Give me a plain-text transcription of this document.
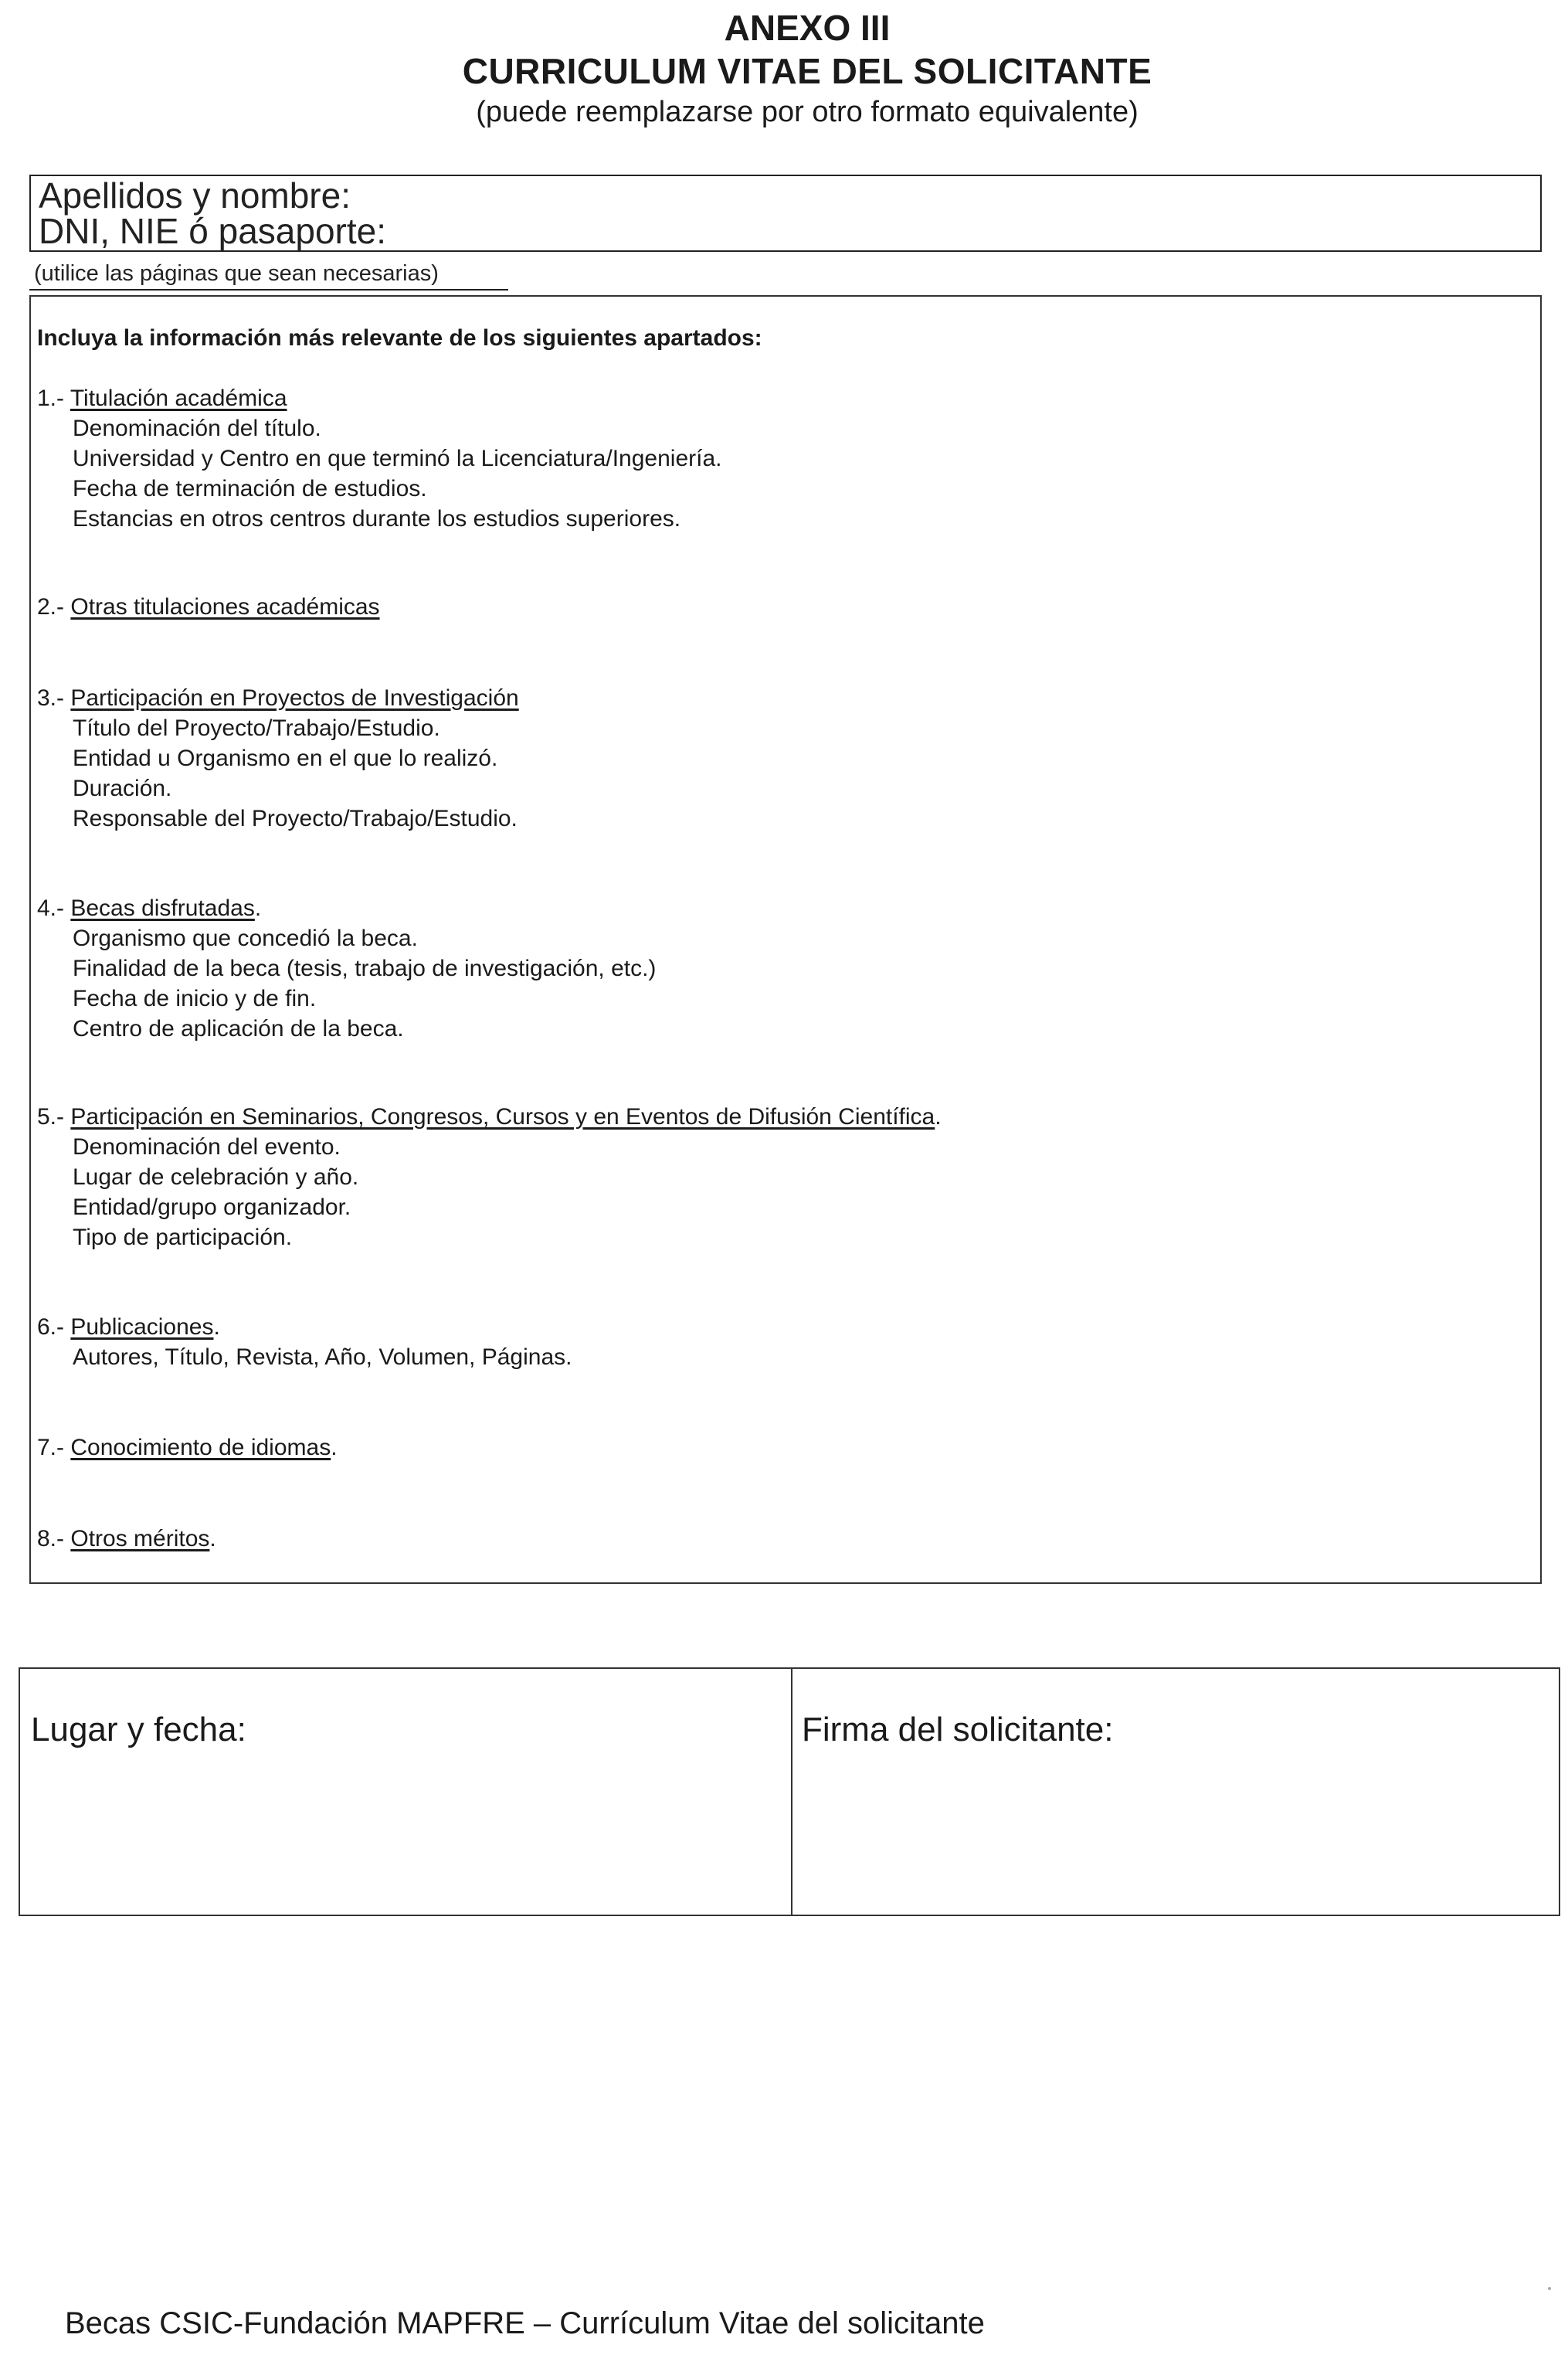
ANEXO III
CURRICULUM VITAE DEL SOLICITANTE
(puede reemplazarse por otro formato equivalente)
Apellidos y nombre:
DNI, NIE ó pasaporte:
(utilice las páginas que sean necesarias)
Incluya la información más relevante de los siguientes apartados:
1.- Titulación académica
Denominación del título.
Universidad y Centro en que terminó la Licenciatura/Ingeniería.
Fecha de terminación de estudios.
Estancias en otros centros durante los estudios superiores.
2.- Otras titulaciones académicas
3.- Participación en Proyectos de Investigación
Título del Proyecto/Trabajo/Estudio.
Entidad u Organismo en el que lo realizó.
Duración.
Responsable del Proyecto/Trabajo/Estudio.
4.- Becas disfrutadas.
Organismo que concedió la beca.
Finalidad de la beca (tesis, trabajo de investigación, etc.)
Fecha de inicio y de fin.
Centro de aplicación de la beca.
5.- Participación en Seminarios, Congresos, Cursos y en Eventos de Difusión Científica.
Denominación del evento.
Lugar de celebración y año.
Entidad/grupo organizador.
Tipo de participación.
6.- Publicaciones.
Autores, Título, Revista, Año, Volumen, Páginas.
7.- Conocimiento de idiomas.
8.- Otros méritos.
Lugar y fecha:	Firma del solicitante:
Becas CSIC-Fundación MAPFRE – Currículum Vitae del solicitante
